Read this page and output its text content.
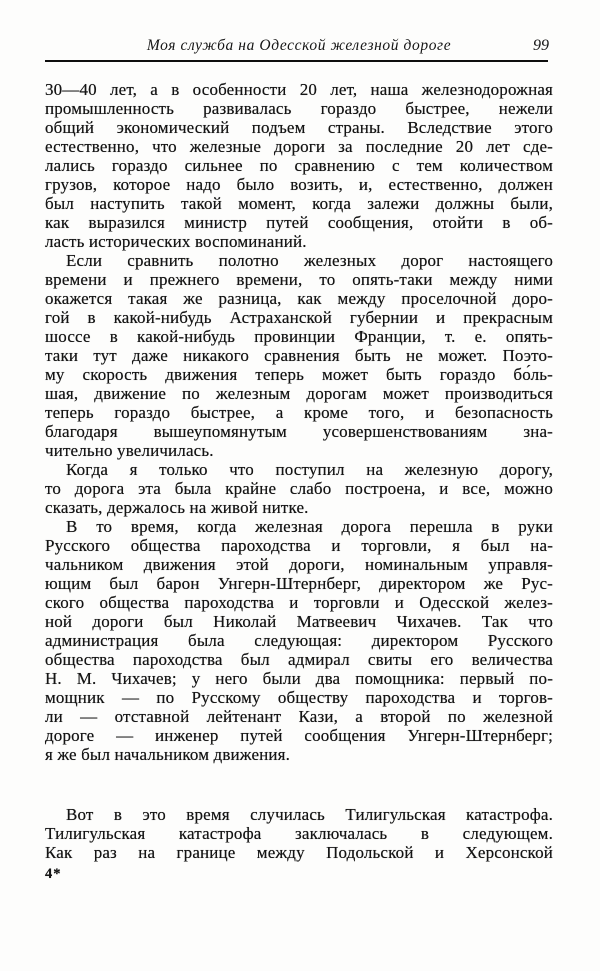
Моя служба на Одесской железной дороге	99

30—40 лет, а в особенности 20 лет, наша железнодорожная
промышленность развивалась гораздо быстрее, нежели
общий экономический подъем страны. Вследствие этого
естественно, что железные дороги за последние 20 лет сде-
лались гораздо сильнее по сравнению с тем количеством
грузов, которое надо было возить, и, естественно, должен
был наступить такой момент, когда залежи должны были,
как выразился министр путей сообщения, отойти в об-
ласть исторических воспоминаний.

Если сравнить полотно железных дорог настоящего
времени и прежнего времени, то опять-таки между ними
окажется такая же разница, как между проселочной доро-
гой в какой-нибудь Астраханской губернии и прекрасным
шоссе в какой-нибудь провинции Франции, т. е. опять-
таки тут даже никакого сравнения быть не может. Поэто-
му скорость движения теперь может быть гораздо бо́ль-
шая, движение по железным дорогам может производиться
теперь гораздо быстрее, а кроме того, и безопасность
благодаря вышеупомянутым усовершенствованиям зна-
чительно увеличилась.

Когда я только что поступил на железную дорогу,
то дорога эта была крайне слабо построена, и все, можно
сказать, держалось на живой нитке.

В то время, когда железная дорога перешла в руки
Русского общества пароходства и торговли, я был на-
чальником движения этой дороги, номинальным управля-
ющим был барон Унгерн-Штернберг, директором же Рус-
ского общества пароходства и торговли и Одесской желез-
ной дороги был Николай Матвеевич Чихачев. Так что
администрация была следующая: директором Русского
общества пароходства был адмирал свиты его величества
Н. М. Чихачев; у него были два помощника: первый по-
мощник — по Русскому обществу пароходства и торгов-
ли — отставной лейтенант Кази, а второй по железной
дороге — инженер путей сообщения Унгерн-Штернберг;
я же был начальником движения.

Вот в это время случилась Тилигульская катастрофа.
Тилигульская катастрофа заключалась в следующем.
Как раз на границе между Подольской и Херсонской

4*
